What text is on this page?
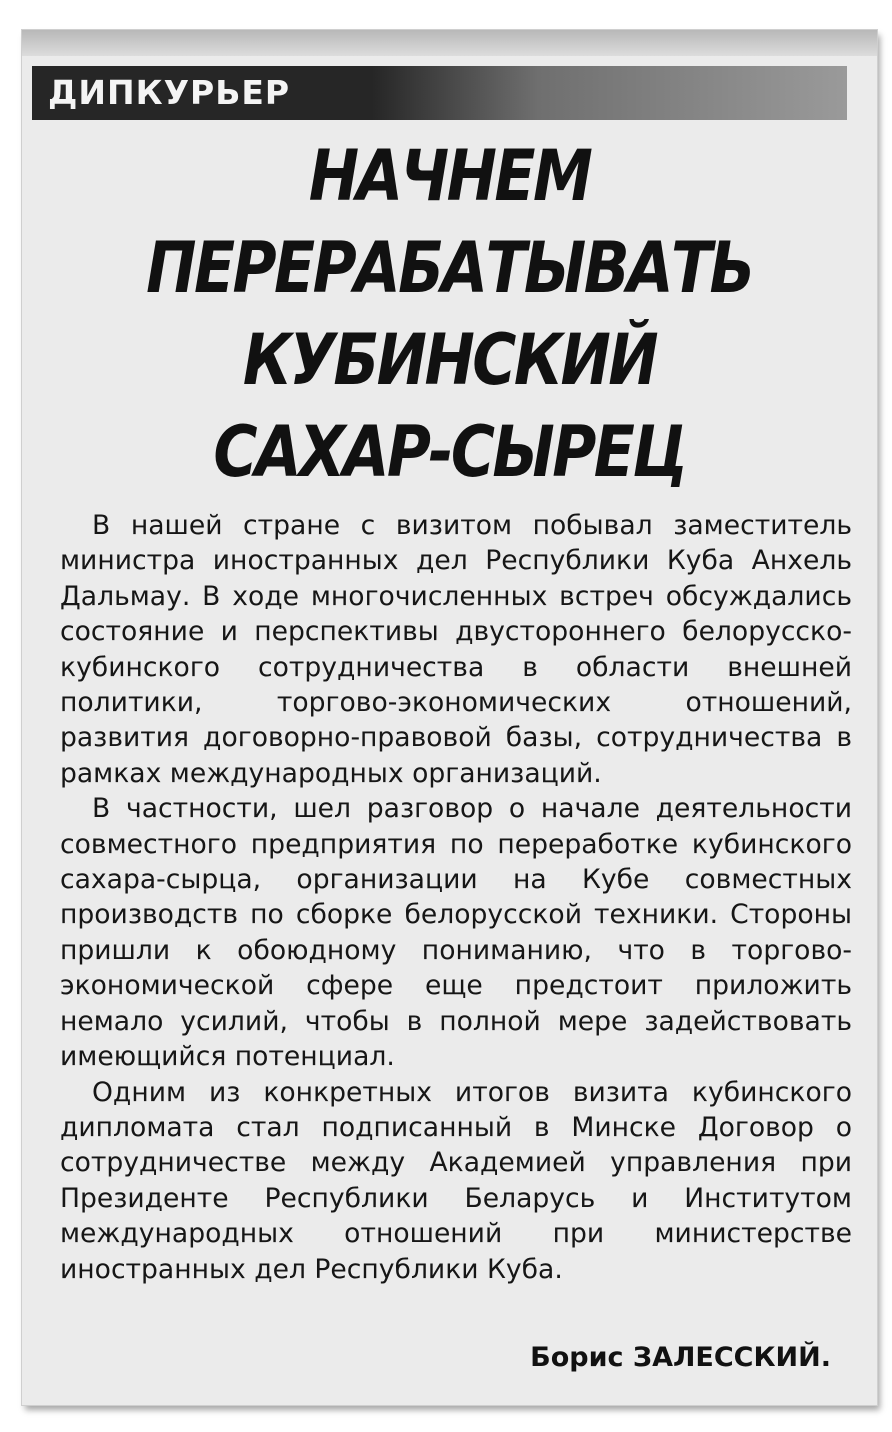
ДИПКУРЬЕР
НАЧНЕМ
ПЕРЕРАБАТЫВАТЬ
КУБИНСКИЙ
САХАР-СЫРЕЦ

В нашей стране с визитом побывал заместитель министра иностранных дел Республики Куба Анхель Дальмау. В ходе многочисленных встреч обсуждались состояние и перспективы двустороннего белорусско-кубинского сотрудничества в области внешней политики, торгово-экономических отношений, развития договорно-правовой базы, сотрудничества в рамках международных организаций.

В частности, шел разговор о начале деятельности совместного предприятия по переработке кубинского сахара-сырца, организации на Кубе совместных производств по сборке белорусской техники. Стороны пришли к обоюдному пониманию, что в торгово-экономической сфере еще предстоит приложить немало усилий, чтобы в полной мере задействовать имеющийся потенциал.

Одним из конкретных итогов визита кубинского дипломата стал подписанный в Минске Договор о сотрудничестве между Академией управления при Президенте Республики Беларусь и Институтом международных отношений при министерстве иностранных дел Республики Куба.

Борис ЗАЛЕССКИЙ.
